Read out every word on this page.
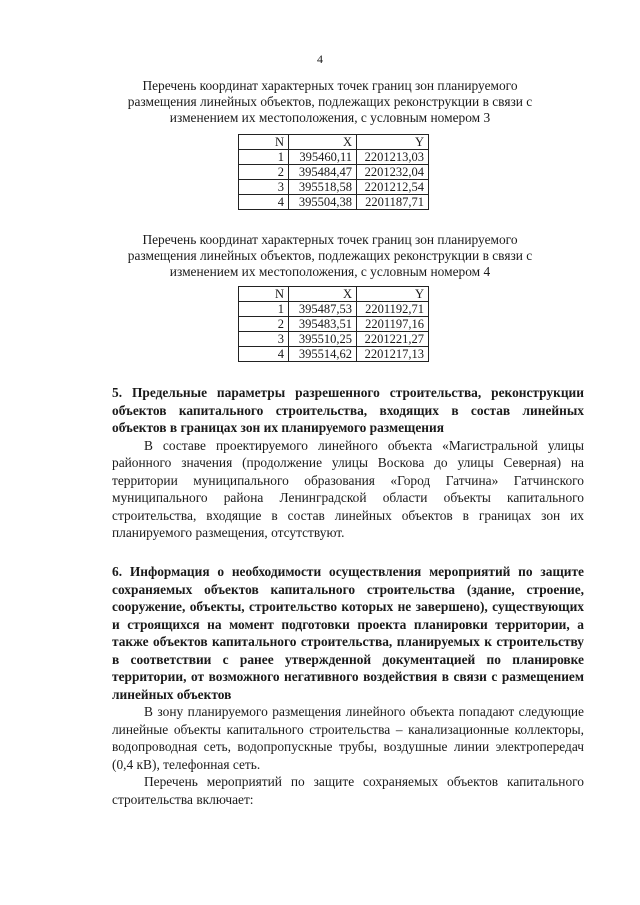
4
Перечень координат характерных точек границ зон планируемого
размещения линейных объектов, подлежащих реконструкции в связи с
изменением их местоположения, с условным номером 3
N	X	Y
1	395460,11	2201213,03
2	395484,47	2201232,04
3	395518,58	2201212,54
4	395504,38	2201187,71
Перечень координат характерных точек границ зон планируемого
размещения линейных объектов, подлежащих реконструкции в связи с
изменением их местоположения, с условным номером 4
N	X	Y
1	395487,53	2201192,71
2	395483,51	2201197,16
3	395510,25	2201221,27
4	395514,62	2201217,13
5. Предельные параметры разрешенного строительства, реконструкции объектов капитального строительства, входящих в состав линейных объектов в границах зон их планируемого размещения
В составе проектируемого линейного объекта «Магистральной улицы районного значения (продолжение улицы Воскова до улицы Северная) на территории муниципального образования «Город Гатчина» Гатчинского муниципального района Ленинградской области объекты капитального строительства, входящие в состав линейных объектов в границах зон их планируемого размещения, отсутствуют.
6. Информация о необходимости осуществления мероприятий по защите сохраняемых объектов капитального строительства (здание, строение, сооружение, объекты, строительство которых не завершено), существующих и строящихся на момент подготовки проекта планировки территории, а также объектов капитального строительства, планируемых к строительству в соответствии с ранее утвержденной документацией по планировке территории, от возможного негативного воздействия в связи с размещением линейных объектов
В зону планируемого размещения линейного объекта попадают следующие линейные объекты капитального строительства – канализационные коллекторы, водопроводная сеть, водопропускные трубы, воздушные линии электропередач (0,4 кВ), телефонная сеть.
Перечень мероприятий по защите сохраняемых объектов капитального строительства включает:
